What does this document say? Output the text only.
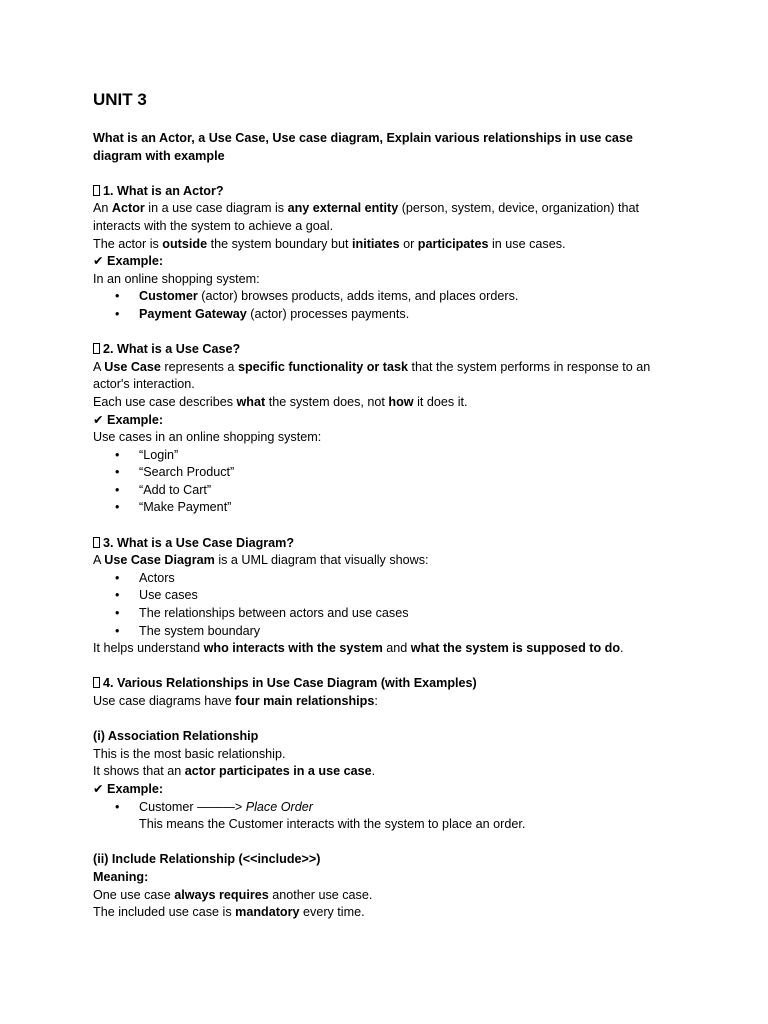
UNIT 3

What is an Actor, a Use Case, Use case diagram, Explain various relationships in use case diagram with example

1. What is an Actor?

An Actor in a use case diagram is any external entity (person, system, device, organization) that interacts with the system to achieve a goal.

The actor is outside the system boundary but initiates or participates in use cases.

✔ Example:

In an online shopping system:

• Customer (actor) browses products, adds items, and places orders.
• Payment Gateway (actor) processes payments.

2. What is a Use Case?

A Use Case represents a specific functionality or task that the system performs in response to an actor's interaction.

Each use case describes what the system does, not how it does it.

✔ Example:

Use cases in an online shopping system:

• “Login”
• “Search Product”
• “Add to Cart”
• “Make Payment”

3. What is a Use Case Diagram?

A Use Case Diagram is a UML diagram that visually shows:

• Actors
• Use cases
• The relationships between actors and use cases
• The system boundary

It helps understand who interacts with the system and what the system is supposed to do.

4. Various Relationships in Use Case Diagram (with Examples)

Use case diagrams have four main relationships:

(i) Association Relationship

This is the most basic relationship.

It shows that an actor participates in a use case.

✔ Example:

• Customer ———> Place Order

This means the Customer interacts with the system to place an order.

(ii) Include Relationship (<<include>>)

Meaning:

One use case always requires another use case.

The included use case is mandatory every time.
